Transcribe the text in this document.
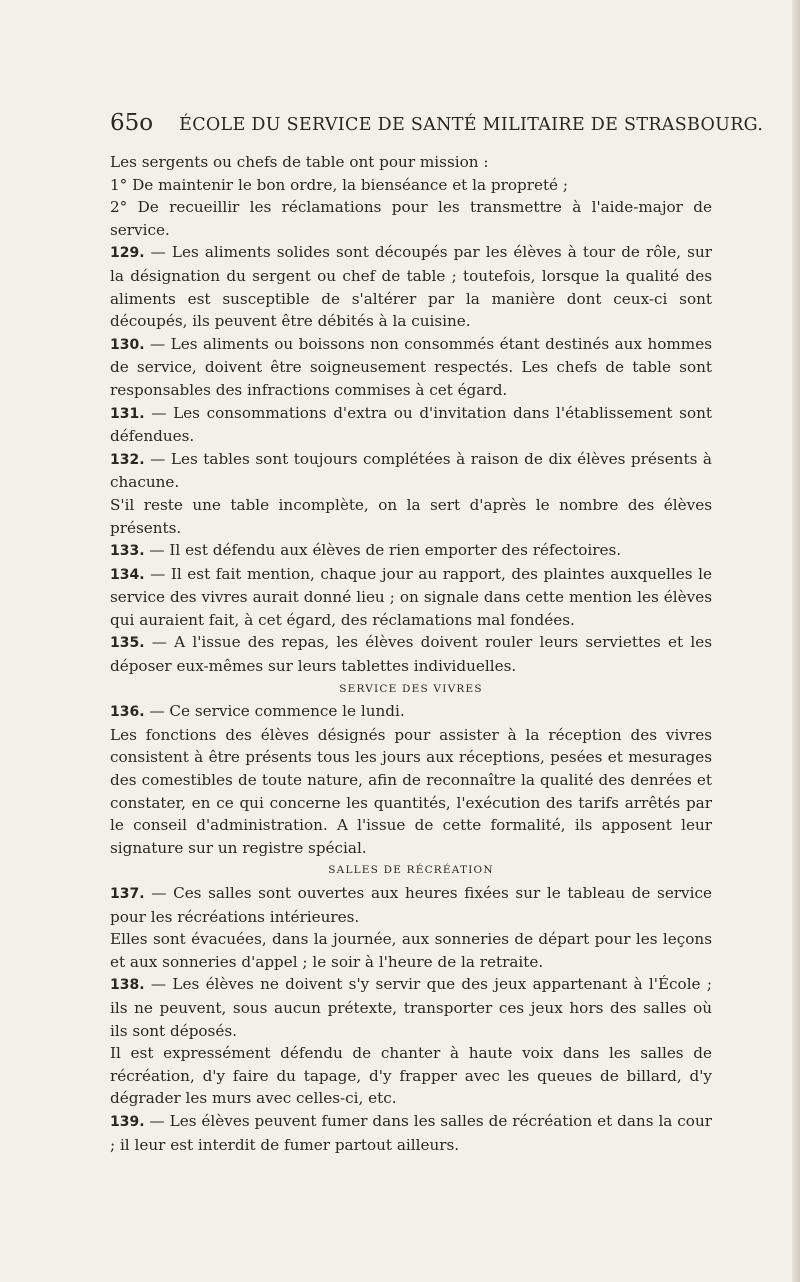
65o ÉCOLE DU SERVICE DE SANTÉ MILITAIRE DE STRASBOURG.

Les sergents ou chefs de table ont pour mission :

1° De maintenir le bon ordre, la bienséance et la propreté ;

2° De recueillir les réclamations pour les transmettre à l'aide-major de service.

129. — Les aliments solides sont découpés par les élèves à tour de rôle, sur la désignation du sergent ou chef de table ; toutefois, lorsque la qualité des aliments est susceptible de s'altérer par la manière dont ceux-ci sont découpés, ils peuvent être débités à la cuisine.

130. — Les aliments ou boissons non consommés étant destinés aux hommes de service, doivent être soigneusement respectés. Les chefs de table sont responsables des infractions commises à cet égard.

131. — Les consommations d'extra ou d'invitation dans l'établissement sont défendues.

132. — Les tables sont toujours complétées à raison de dix élèves présents à chacune.

S'il reste une table incomplète, on la sert d'après le nombre des élèves présents.

133. — Il est défendu aux élèves de rien emporter des réfectoires.

134. — Il est fait mention, chaque jour au rapport, des plaintes auxquelles le service des vivres aurait donné lieu ; on signale dans cette mention les élèves qui auraient fait, à cet égard, des réclamations mal fondées.

135. — A l'issue des repas, les élèves doivent rouler leurs serviettes et les déposer eux-mêmes sur leurs tablettes individuelles.

SERVICE DES VIVRES

136. — Ce service commence le lundi.

Les fonctions des élèves désignés pour assister à la réception des vivres consistent à être présents tous les jours aux réceptions, pesées et mesurages des comestibles de toute nature, afin de reconnaître la qualité des denrées et constater, en ce qui concerne les quantités, l'exécution des tarifs arrêtés par le conseil d'administration. A l'issue de cette formalité, ils apposent leur signature sur un registre spécial.

SALLES DE RÉCRÉATION

137. — Ces salles sont ouvertes aux heures fixées sur le tableau de service pour les récréations intérieures.

Elles sont évacuées, dans la journée, aux sonneries de départ pour les leçons et aux sonneries d'appel ; le soir à l'heure de la retraite.

138. — Les élèves ne doivent s'y servir que des jeux appartenant à l'École ; ils ne peuvent, sous aucun prétexte, transporter ces jeux hors des salles où ils sont déposés.

Il est expressément défendu de chanter à haute voix dans les salles de récréation, d'y faire du tapage, d'y frapper avec les queues de billard, d'y dégrader les murs avec celles-ci, etc.

139. — Les élèves peuvent fumer dans les salles de récréation et dans la cour ; il leur est interdit de fumer partout ailleurs.
